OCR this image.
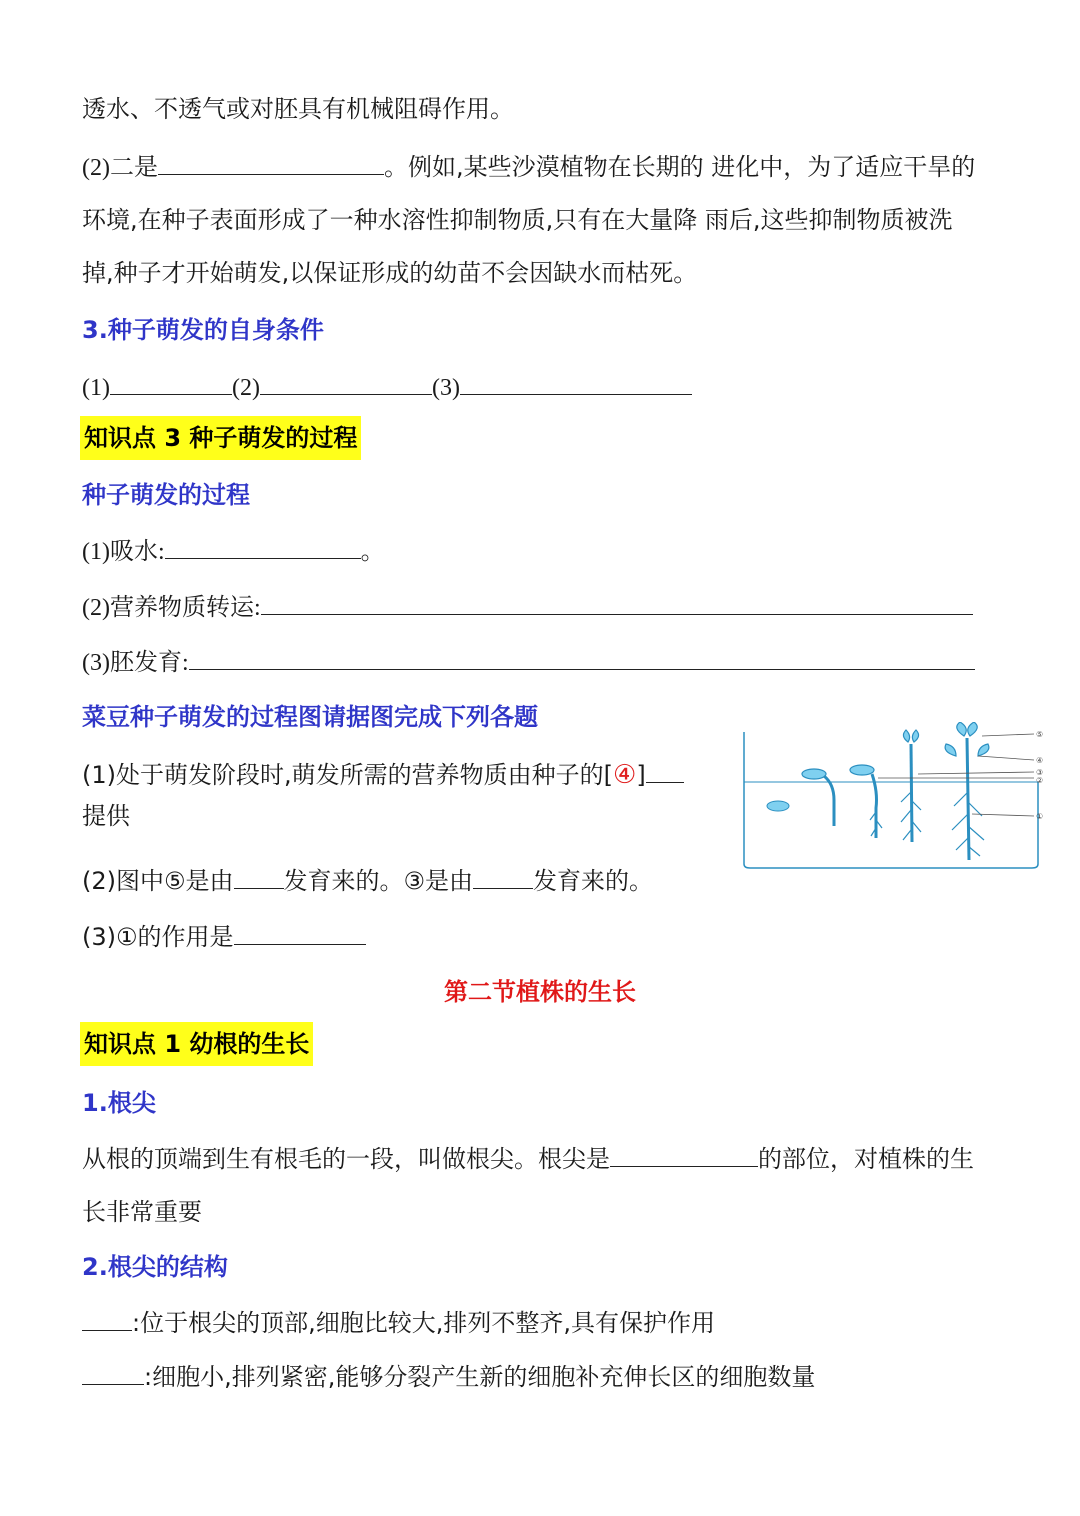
透水、不透气或对胚具有机械阻碍作用。
(2)二是	。例如,某些沙漠植物在长期的 进化中，为了适应干旱的
环境,在种子表面形成了一种水溶性抑制物质,只有在大量降 雨后,这些抑制物质被洗
掉,种子才开始萌发,以保证形成的幼苗不会因缺水而枯死。
3.种子萌发的自身条件
(1)	(2)	(3)
知识点 3 种子萌发的过程
种子萌发的过程
(1)吸水:	。
(2)营养物质转运:
(3)胚发育:
菜豆种子萌发的过程图请据图完成下列各题
(1)处于萌发阶段时,萌发所需的营养物质由种子的[④]
提供
(2)图中⑤是由 发育来的。③是由	发育来的。
(3)①的作用是
⑤
④
③
②
①
第二节植株的生长
知识点 1 幼根的生长
1.根尖
从根的顶端到生有根毛的一段，叫做根尖。根尖是	的部位，对植株的生
长非常重要
2.根尖的结构
:位于根尖的顶部,细胞比较大,排列不整齐,具有保护作用
:细胞小,排列紧密,能够分裂产生新的细胞补充伸长区的细胞数量
